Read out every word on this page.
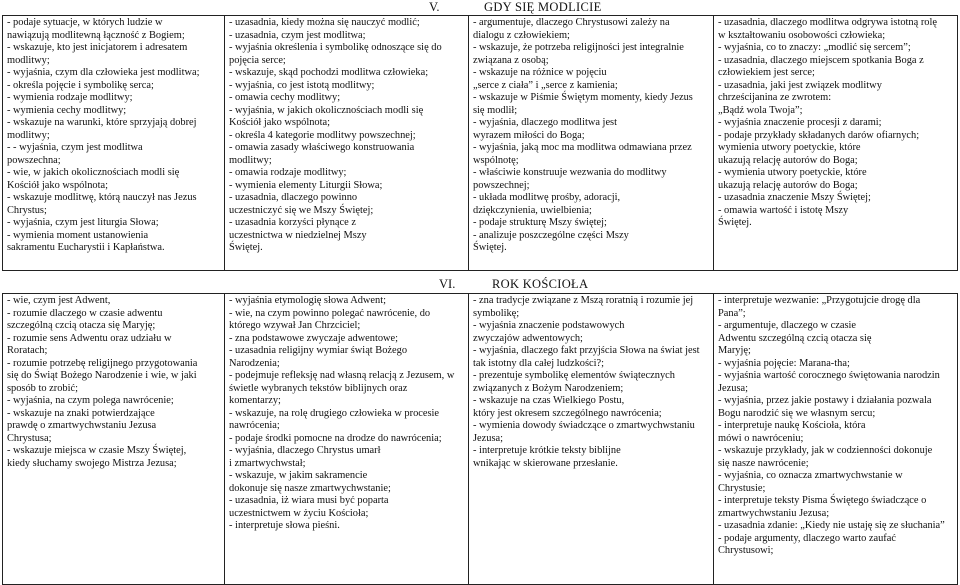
V.	GDY SIĘ MODLICIE
- podaje sytuacje, w których ludzie w
nawiązują modlitewną łączność z Bogiem;
- wskazuje, kto jest inicjatorem i adresatem
modlitwy;
- wyjaśnia, czym dla człowieka jest modlitwa;
- określa pojęcie i symbolikę serca;
- wymienia rodzaje modlitwy;
- wymienia cechy modlitwy;
- wskazuje na warunki, które sprzyjają dobrej
modlitwy;
- - wyjaśnia, czym jest modlitwa
powszechna;
- wie, w jakich okolicznościach modli się
Kościół jako wspólnota;
- wskazuje modlitwę, którą nauczył nas Jezus
Chrystus;
- wyjaśnia, czym jest liturgia Słowa;
- wymienia moment ustanowienia
sakramentu Eucharystii i Kapłaństwa.

- uzasadnia, kiedy można się nauczyć modlić;
- uzasadnia, czym jest modlitwa;
- wyjaśnia określenia i symbolikę odnoszące się do
pojęcia serce;
- wskazuje, skąd pochodzi modlitwa człowieka;
- wyjaśnia, co jest istotą modlitwy;
- omawia cechy modlitwy;
- wyjaśnia, w jakich okolicznościach modli się
Kościół jako wspólnota;
- określa 4 kategorie modlitwy powszechnej;
- omawia zasady właściwego konstruowania
modlitwy;
- omawia rodzaje modlitwy;
- wymienia elementy Liturgii Słowa;
- uzasadnia, dlaczego powinno
uczestniczyć się we Mszy Świętej;
- uzasadnia korzyści płynące z
uczestnictwa w niedzielnej Mszy
Świętej.

- argumentuje, dlaczego Chrystusowi zależy na
dialogu z człowiekiem;
- wskazuje, że potrzeba religijności jest integralnie
związana z osobą;
- wskazuje na różnice w pojęciu
„serce z ciała” i „serce z kamienia;
- wskazuje w Piśmie Świętym momenty, kiedy Jezus
się modlił;
- wyjaśnia, dlaczego modlitwa jest
wyrazem miłości do Boga;
- wyjaśnia, jaką moc ma modlitwa odmawiana przez
wspólnotę;
- właściwie konstruuje wezwania do modlitwy
powszechnej;
- układa modlitwę prośby, adoracji,
dziękczynienia, uwielbienia;
- podaje strukturę Mszy świętej;
- analizuje poszczególne części Mszy
Świętej.

- uzasadnia, dlaczego modlitwa odgrywa istotną rolę
w kształtowaniu osobowości człowieka;
- wyjaśnia, co to znaczy: „modlić się sercem”;
- uzasadnia, dlaczego miejscem spotkania Boga z
człowiekiem jest serce;
- uzasadnia, jaki jest związek modlitwy
chrześcijanina ze zwrotem:
„Bądź wola Twoja”;
- wyjaśnia znaczenie procesji z darami;
- podaje przykłady składanych darów ofiarnych;
wymieniа utwory poetyckie, które
ukazują relację autorów do Boga;
- wymienia utwory poetyckie, które
ukazują relację autorów do Boga;
- uzasadnia znaczenie Mszy Świętej;
- omawia wartość i istotę Mszy
Świętej.
VI.	ROK KOŚCIOŁA
- wie, czym jest Adwent,
- rozumie dlaczego w czasie adwentu
szczególną czcią otacza się Maryję;
- rozumie sens Adwentu oraz udziału w
Roratach;
- rozumie potrzebę religijnego przygotowania
się do Świąt Bożego Narodzenie i wie, w jaki
sposób to zrobić;
- wyjaśnia, na czym polega nawrócenie;
- wskazuje na znaki potwierdzające
prawdę o zmartwychwstaniu Jezusa
Chrystusa;
- wskazuje miejsca w czasie Mszy Świętej,
kiedy słuchamy swojego Mistrza Jezusa;

- wyjaśnia etymologię słowa Adwent;
- wie, na czym powinno polegać nawrócenie, do
którego wzywał Jan Chrzciciel;
- zna podstawowe zwyczaje adwentowe;
- uzasadnia religijny wymiar świąt Bożego
Narodzenia;
- podejmuje refleksję nad własną relacją z Jezusem, w
świetle wybranych tekstów biblijnych oraz
komentarzy;
- wskazuje, na rolę drugiego człowieka w procesie
nawrócenia;
- podaje środki pomocne na drodze do nawrócenia;
- wyjaśnia, dlaczego Chrystus umarł
i zmartwychwstał;
- wskazuje, w jakim sakramencie
dokonuje się nasze zmartwychwstanie;
- uzasadnia, iż wiara musi być poparta
uczestnictwem w życiu Kościoła;
- interpretuje słowa pieśni.

- zna tradycje związane z Mszą roratnią i rozumie jej
symbolikę;
- wyjaśnia znaczenie podstawowych
zwyczajów adwentowych;
- wyjaśnia, dlaczego fakt przyjścia Słowa na świat jest
tak istotny dla całej ludzkości?;
- prezentuje symbolikę elementów świątecznych
związanych z Bożym Narodzeniem;
- wskazuje na czas Wielkiego Postu,
który jest okresem szczególnego nawrócenia;
- wymienia dowody świadczące o zmartwychwstaniu
Jezusa;
- interpretuje krótkie teksty biblijne
wnikając w skierowane przesłanie.

- interpretuje wezwanie: „Przygotujcie drogę dla
Pana”;
- argumentuje, dlaczego w czasie
Adwentu szczególną czcią otacza się
Maryję;
- wyjaśnia pojęcie: Marana-tha;
- wyjaśnia wartość corocznego świętowania narodzin
Jezusa;
- wyjaśnia, przez jakie postawy i działania pozwala
Bogu narodzić się we własnym sercu;
- interpretuje naukę Kościoła, która
mówi o nawróceniu;
- wskazuje przykłady, jak w codzienności dokonuje
się nasze nawrócenie;
- wyjaśnia, co oznacza zmartwychwstanie w
Chrystusie;
- interpretuje teksty Pisma Świętego świadczące o
zmartwychwstaniu Jezusa;
- uzasadnia zdanie: „Kiedy nie ustaję się ze słuchania”
- podaje argumenty, dlaczego warto zaufać
Chrystusowi;
